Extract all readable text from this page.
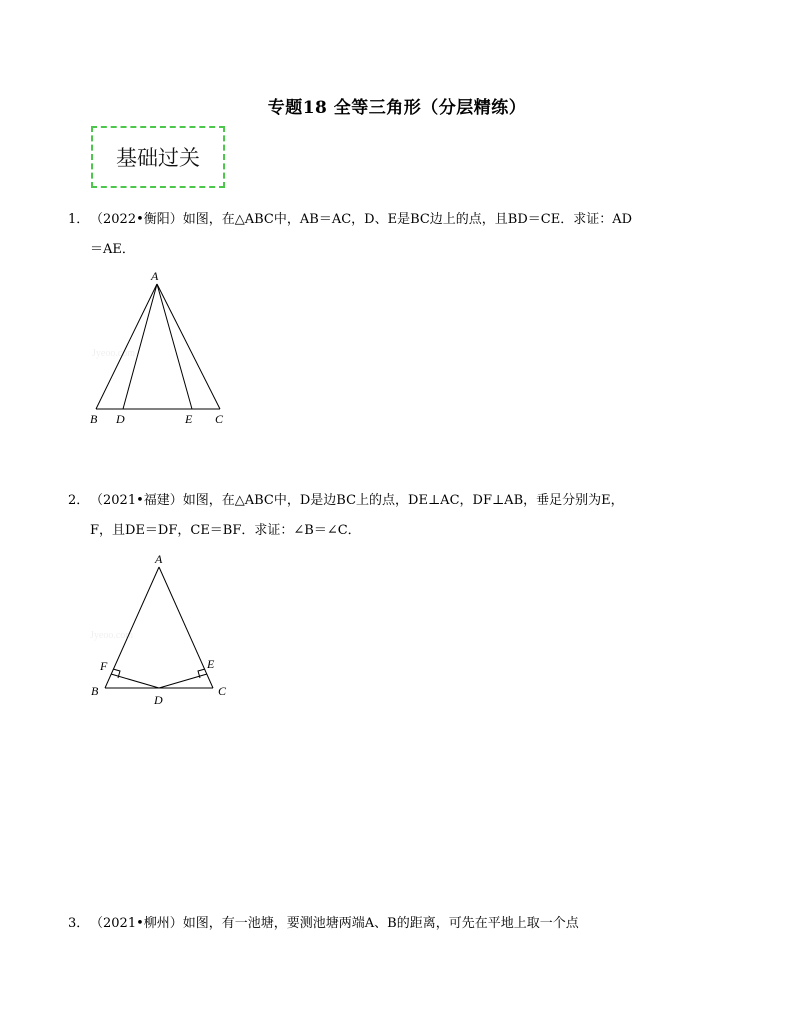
专题18 全等三角形（分层精练）
基础过关
1．（2022•衡阳）如图，在△ABC中，AB＝AC，D、E是BC边上的点，且BD＝CE．求证：AD
＝AE．
Jyeoo.com
A
B D	E C
2．（2021•福建）如图，在△ABC中，D是边BC上的点，DE⊥AC，DF⊥AB，垂足分别为E，
F，且DE＝DF，CE＝BF．求证：∠B＝∠C．
Jyeoo.com
A
F	E
B
D
C
3．（2021•柳州）如图，有一池塘，要测池塘两端A、B的距离，可先在平地上取一个点
